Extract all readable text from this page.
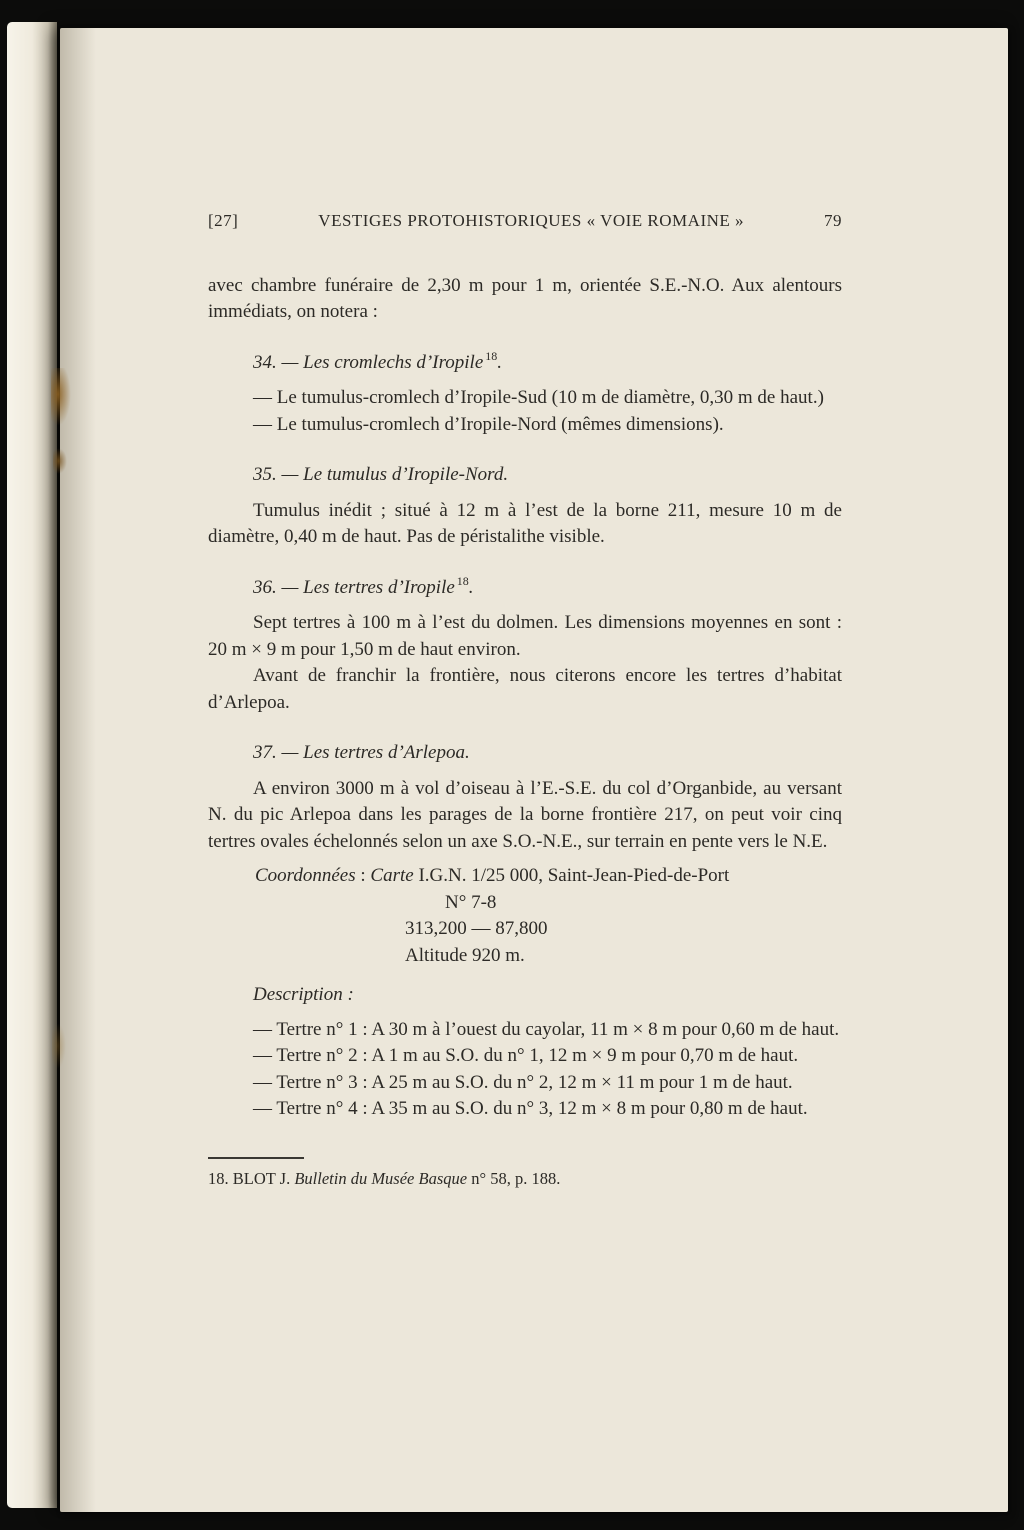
[27]	VESTIGES PROTOHISTORIQUES « VOIE ROMAINE »	79

avec chambre funéraire de 2,30 m pour 1 m, orientée S.E.-N.O. Aux alentours immédiats, on notera :

34. — Les cromlechs d’Iropile $^{18}$.

— Le tumulus-cromlech d’Iropile-Sud (10 m de diamètre, 0,30 m de haut.)

— Le tumulus-cromlech d’Iropile-Nord (mêmes dimensions).

35. — Le tumulus d’Iropile-Nord.

Tumulus inédit ; situé à 12 m à l’est de la borne 211, mesure 10 m de diamètre, 0,40 m de haut. Pas de péristalithe visible.

36. — Les tertres d’Iropile $^{18}$.

Sept tertres à 100 m à l’est du dolmen. Les dimensions moyennes en sont : 20 m × 9 m pour 1,50 m de haut environ.

Avant de franchir la frontière, nous citerons encore les tertres d’habitat d’Arlepoa.

37. — Les tertres d’Arlepoa.

A environ 3000 m à vol d’oiseau à l’E.-S.E. du col d’Organbide, au versant N. du pic Arlepoa dans les parages de la borne frontière 217, on peut voir cinq tertres ovales échelonnés selon un axe S.O.-N.E., sur terrain en pente vers le N.E.

Coordonnées : Carte I.G.N. 1/25 000, Saint-Jean-Pied-de-Port
N° 7-8
313,200 — 87,800
Altitude 920 m.

Description :

— Tertre n° 1 : A 30 m à l’ouest du cayolar, 11 m × 8 m pour 0,60 m de haut.

— Tertre n° 2 : A 1 m au S.O. du n° 1, 12 m × 9 m pour 0,70 m de haut.

— Tertre n° 3 : A 25 m au S.O. du n° 2, 12 m × 11 m pour 1 m de haut.

— Tertre n° 4 : A 35 m au S.O. du n° 3, 12 m × 8 m pour 0,80 m de haut.

18. BLOT J. Bulletin du Musée Basque n° 58, p. 188.
